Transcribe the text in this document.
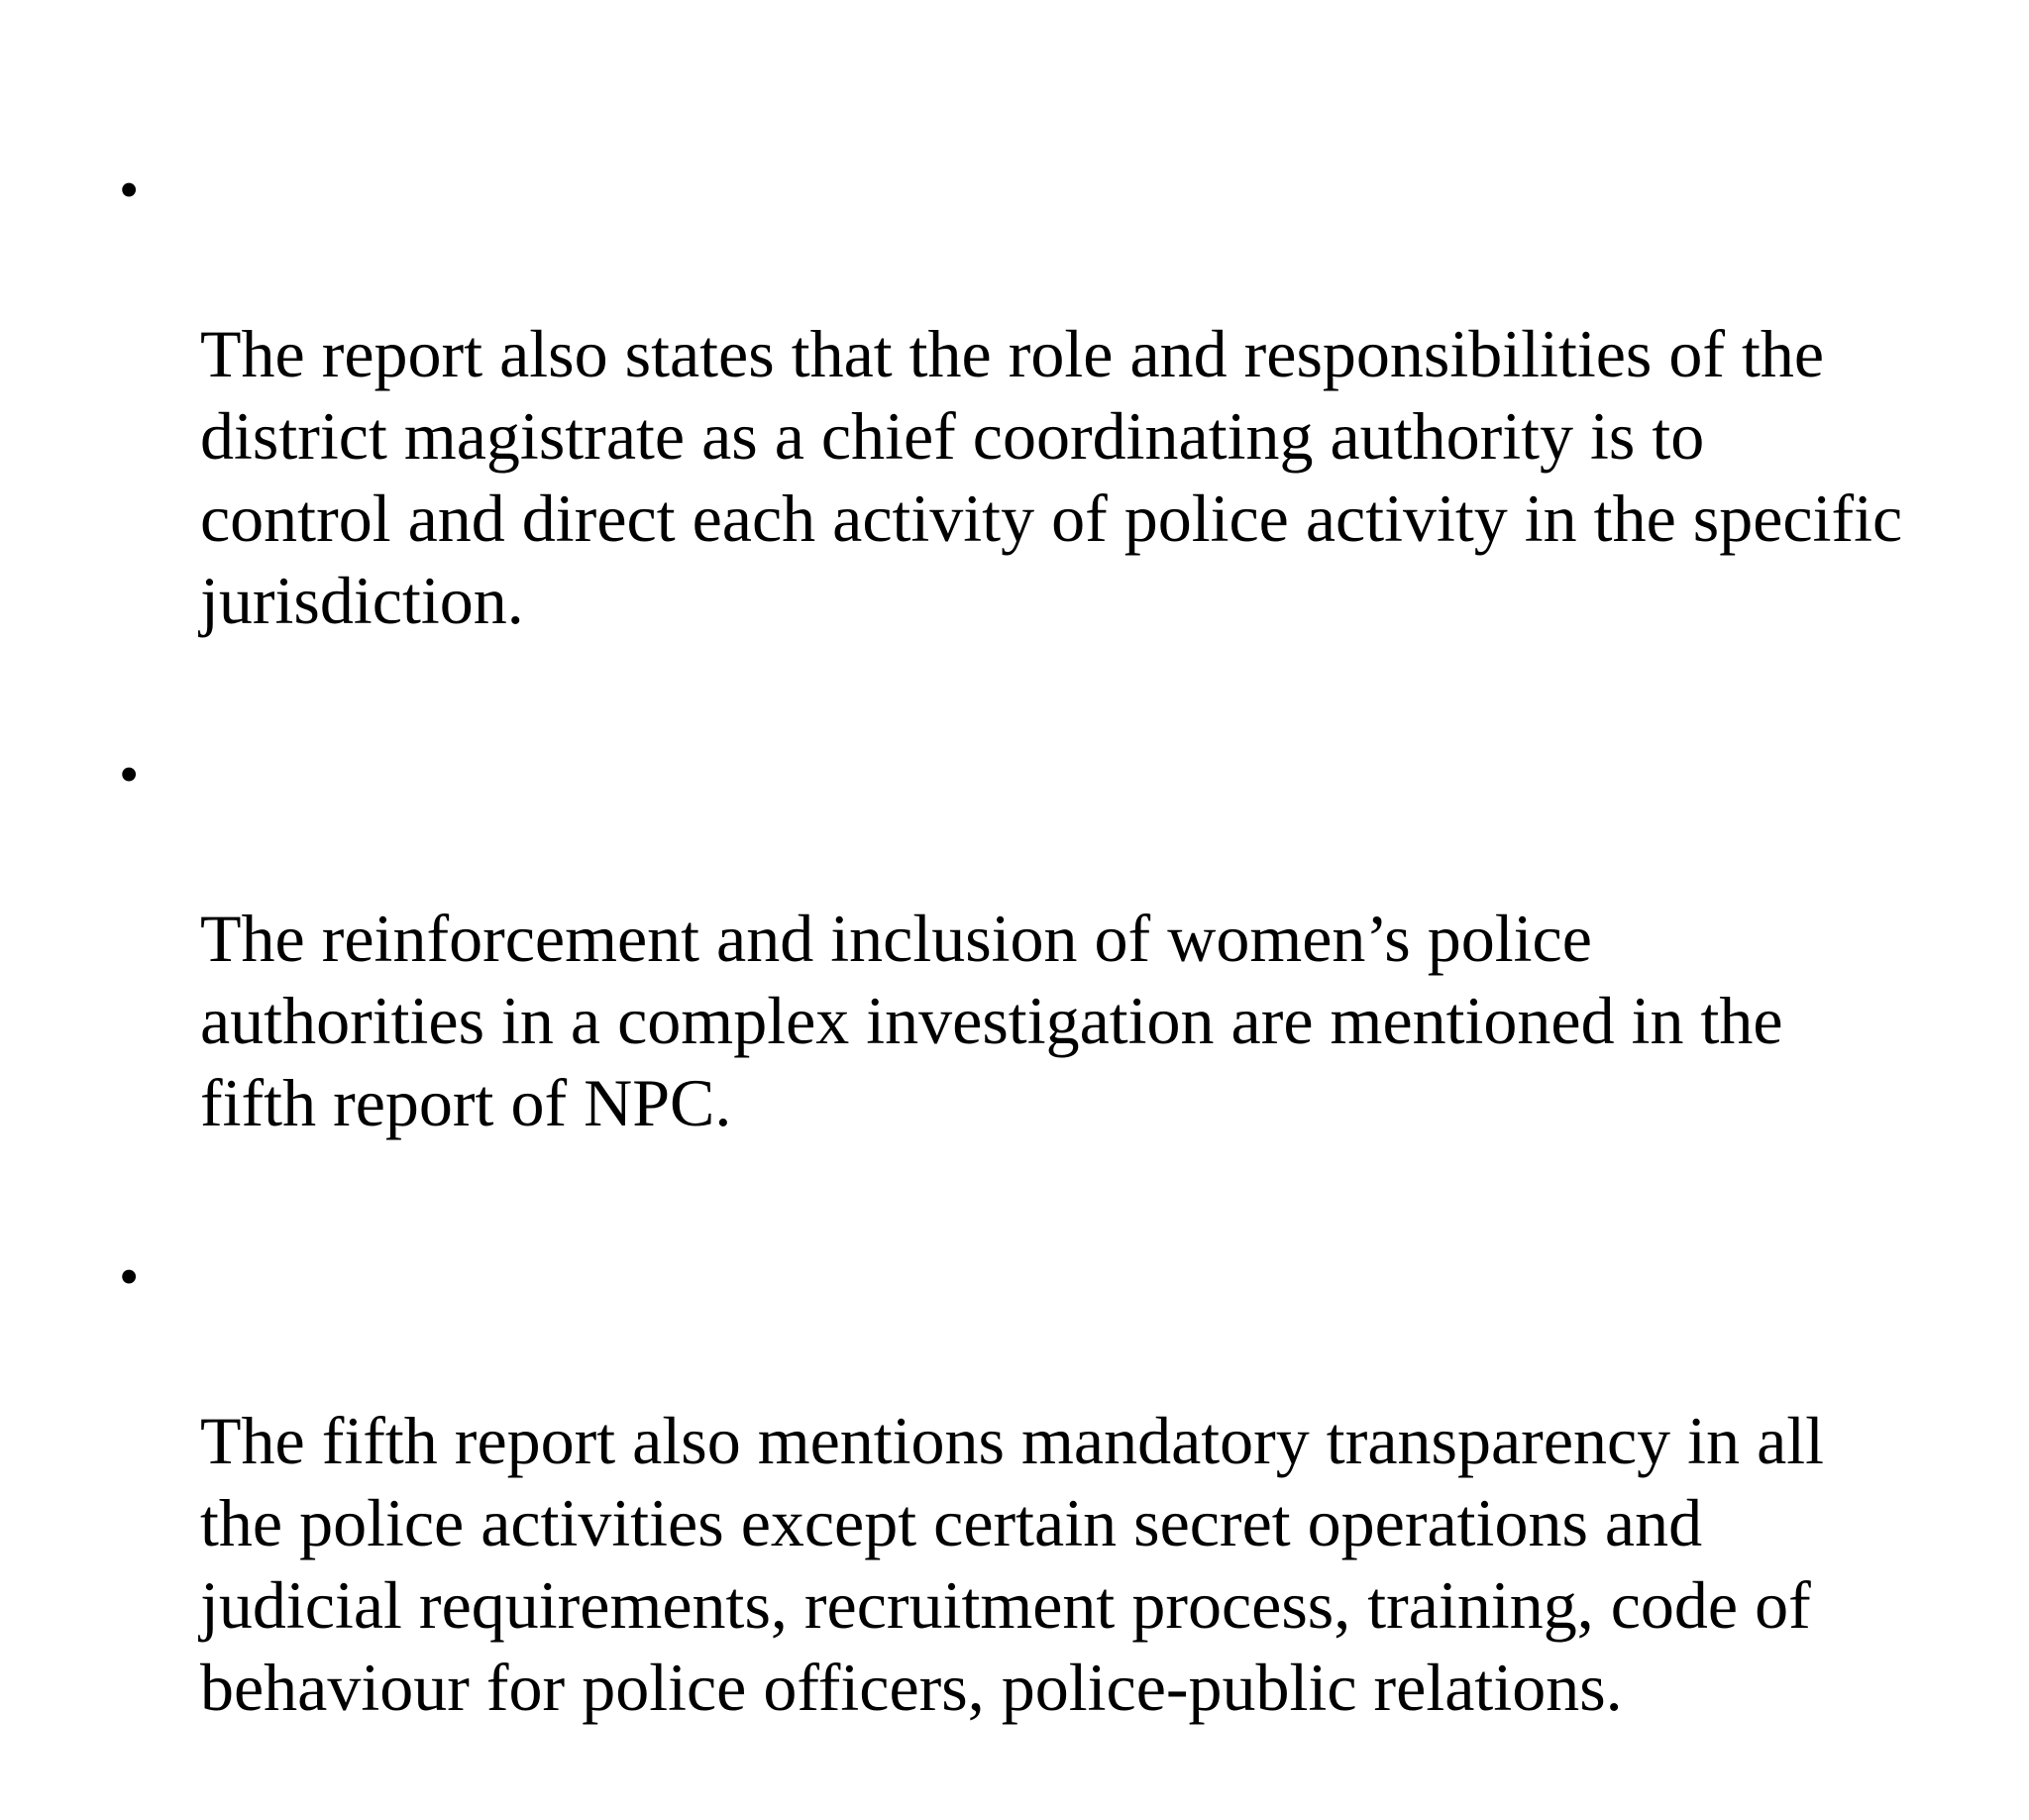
•

The report also states that the role and responsibilities of the
district magistrate as a chief coordinating authority is to
control and direct each activity of police activity in the specific
jurisdiction.

•

The reinforcement and inclusion of women’s police
authorities in a complex investigation are mentioned in the
fifth report of NPC.

•

The fifth report also mentions mandatory transparency in all
the police activities except certain secret operations and
judicial requirements, recruitment process, training, code of
behaviour for police officers, police-public relations.
